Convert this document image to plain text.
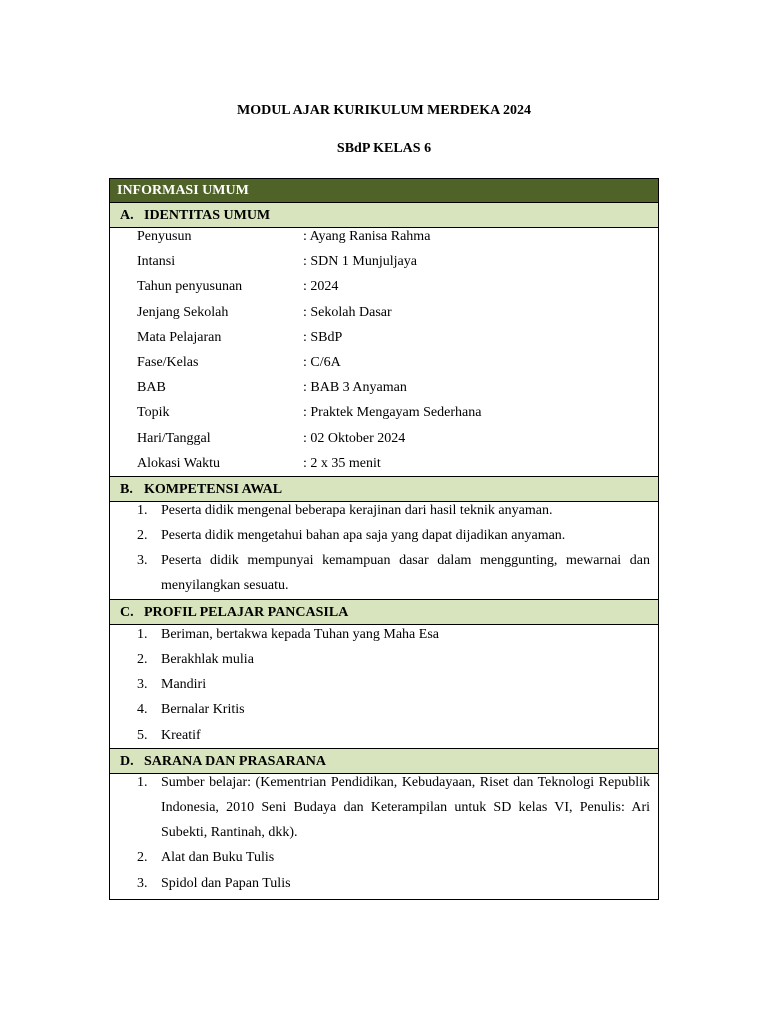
MODUL AJAR KURIKULUM MERDEKA 2024
SBdP KELAS 6
INFORMASI UMUM
A. IDENTITAS UMUM
Penyusun	: Ayang Ranisa Rahma
Intansi	: SDN 1 Munjuljaya
Tahun penyusunan	: 2024
Jenjang Sekolah	: Sekolah Dasar
Mata Pelajaran	: SBdP
Fase/Kelas	: C/6A
BAB	: BAB 3 Anyaman
Topik	: Praktek Mengayam Sederhana
Hari/Tanggal	: 02 Oktober 2024
Alokasi Waktu	: 2 x 35 menit
B. KOMPETENSI AWAL
1. Peserta didik mengenal beberapa kerajinan dari hasil teknik anyaman.
2. Peserta didik mengetahui bahan apa saja yang dapat dijadikan anyaman.
3. Peserta didik mempunyai kemampuan dasar dalam menggunting, mewarnai dan menyilangkan sesuatu.
C. PROFIL PELAJAR PANCASILA
1. Beriman, bertakwa kepada Tuhan yang Maha Esa
2. Berakhlak mulia
3. Mandiri
4. Bernalar Kritis
5. Kreatif
D. SARANA DAN PRASARANA
1. Sumber belajar: (Kementrian Pendidikan, Kebudayaan, Riset dan Teknologi Republik Indonesia, 2010 Seni Budaya dan Keterampilan untuk SD kelas VI, Penulis: Ari Subekti, Rantinah, dkk).
2. Alat dan Buku Tulis
3. Spidol dan Papan Tulis
